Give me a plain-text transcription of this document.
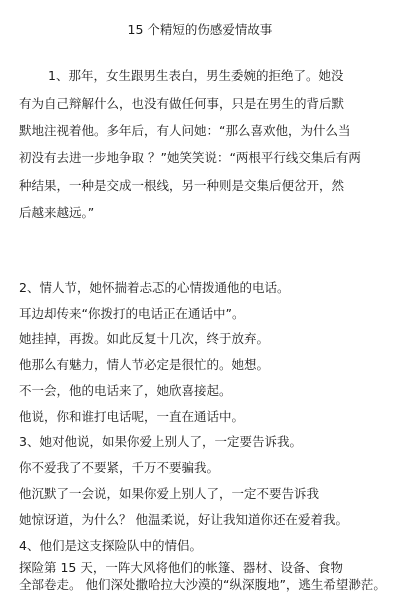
15 个精短的伤感爱情故事
1、那年，女生跟男生表白，男生委婉的拒绝了。她没
有为自己辩解什么，也没有做任何事，只是在男生的背后默
默地注视着他。多年后，有人问她：“那么喜欢他，为什么当
初没有去进一步地争取 ？”她笑笑说：“两根平行线交集后有两
种结果，一种是交成一根线，另一种则是交集后便岔开，然
后越来越远。”
2、情人节，她怀揣着忐忑的心情拨通他的电话。
耳边却传来“你拨打的电话正在通话中”。
她挂掉，再拨。如此反复十几次，终于放弃。
他那么有魅力，情人节必定是很忙的。她想。
不一会，他的电话来了，她欣喜接起。
他说，你和谁打电话呢，一直在通话中。
3、她对他说，如果你爱上别人了，一定要告诉我。
你不爱我了不要紧，千万不要骗我。
他沉默了一会说，如果你爱上别人了，一定不要告诉我
她惊讶道，为什么？ 他温柔说，好让我知道你还在爱着我。
4、他们是这支探险队中的情侣。
探险第 15 天，一阵大风将他们的帐篷、器材、设备、食物
全部卷走。 他们深处撒哈拉大沙漠的“纵深腹地”，逃生希望渺茫。
